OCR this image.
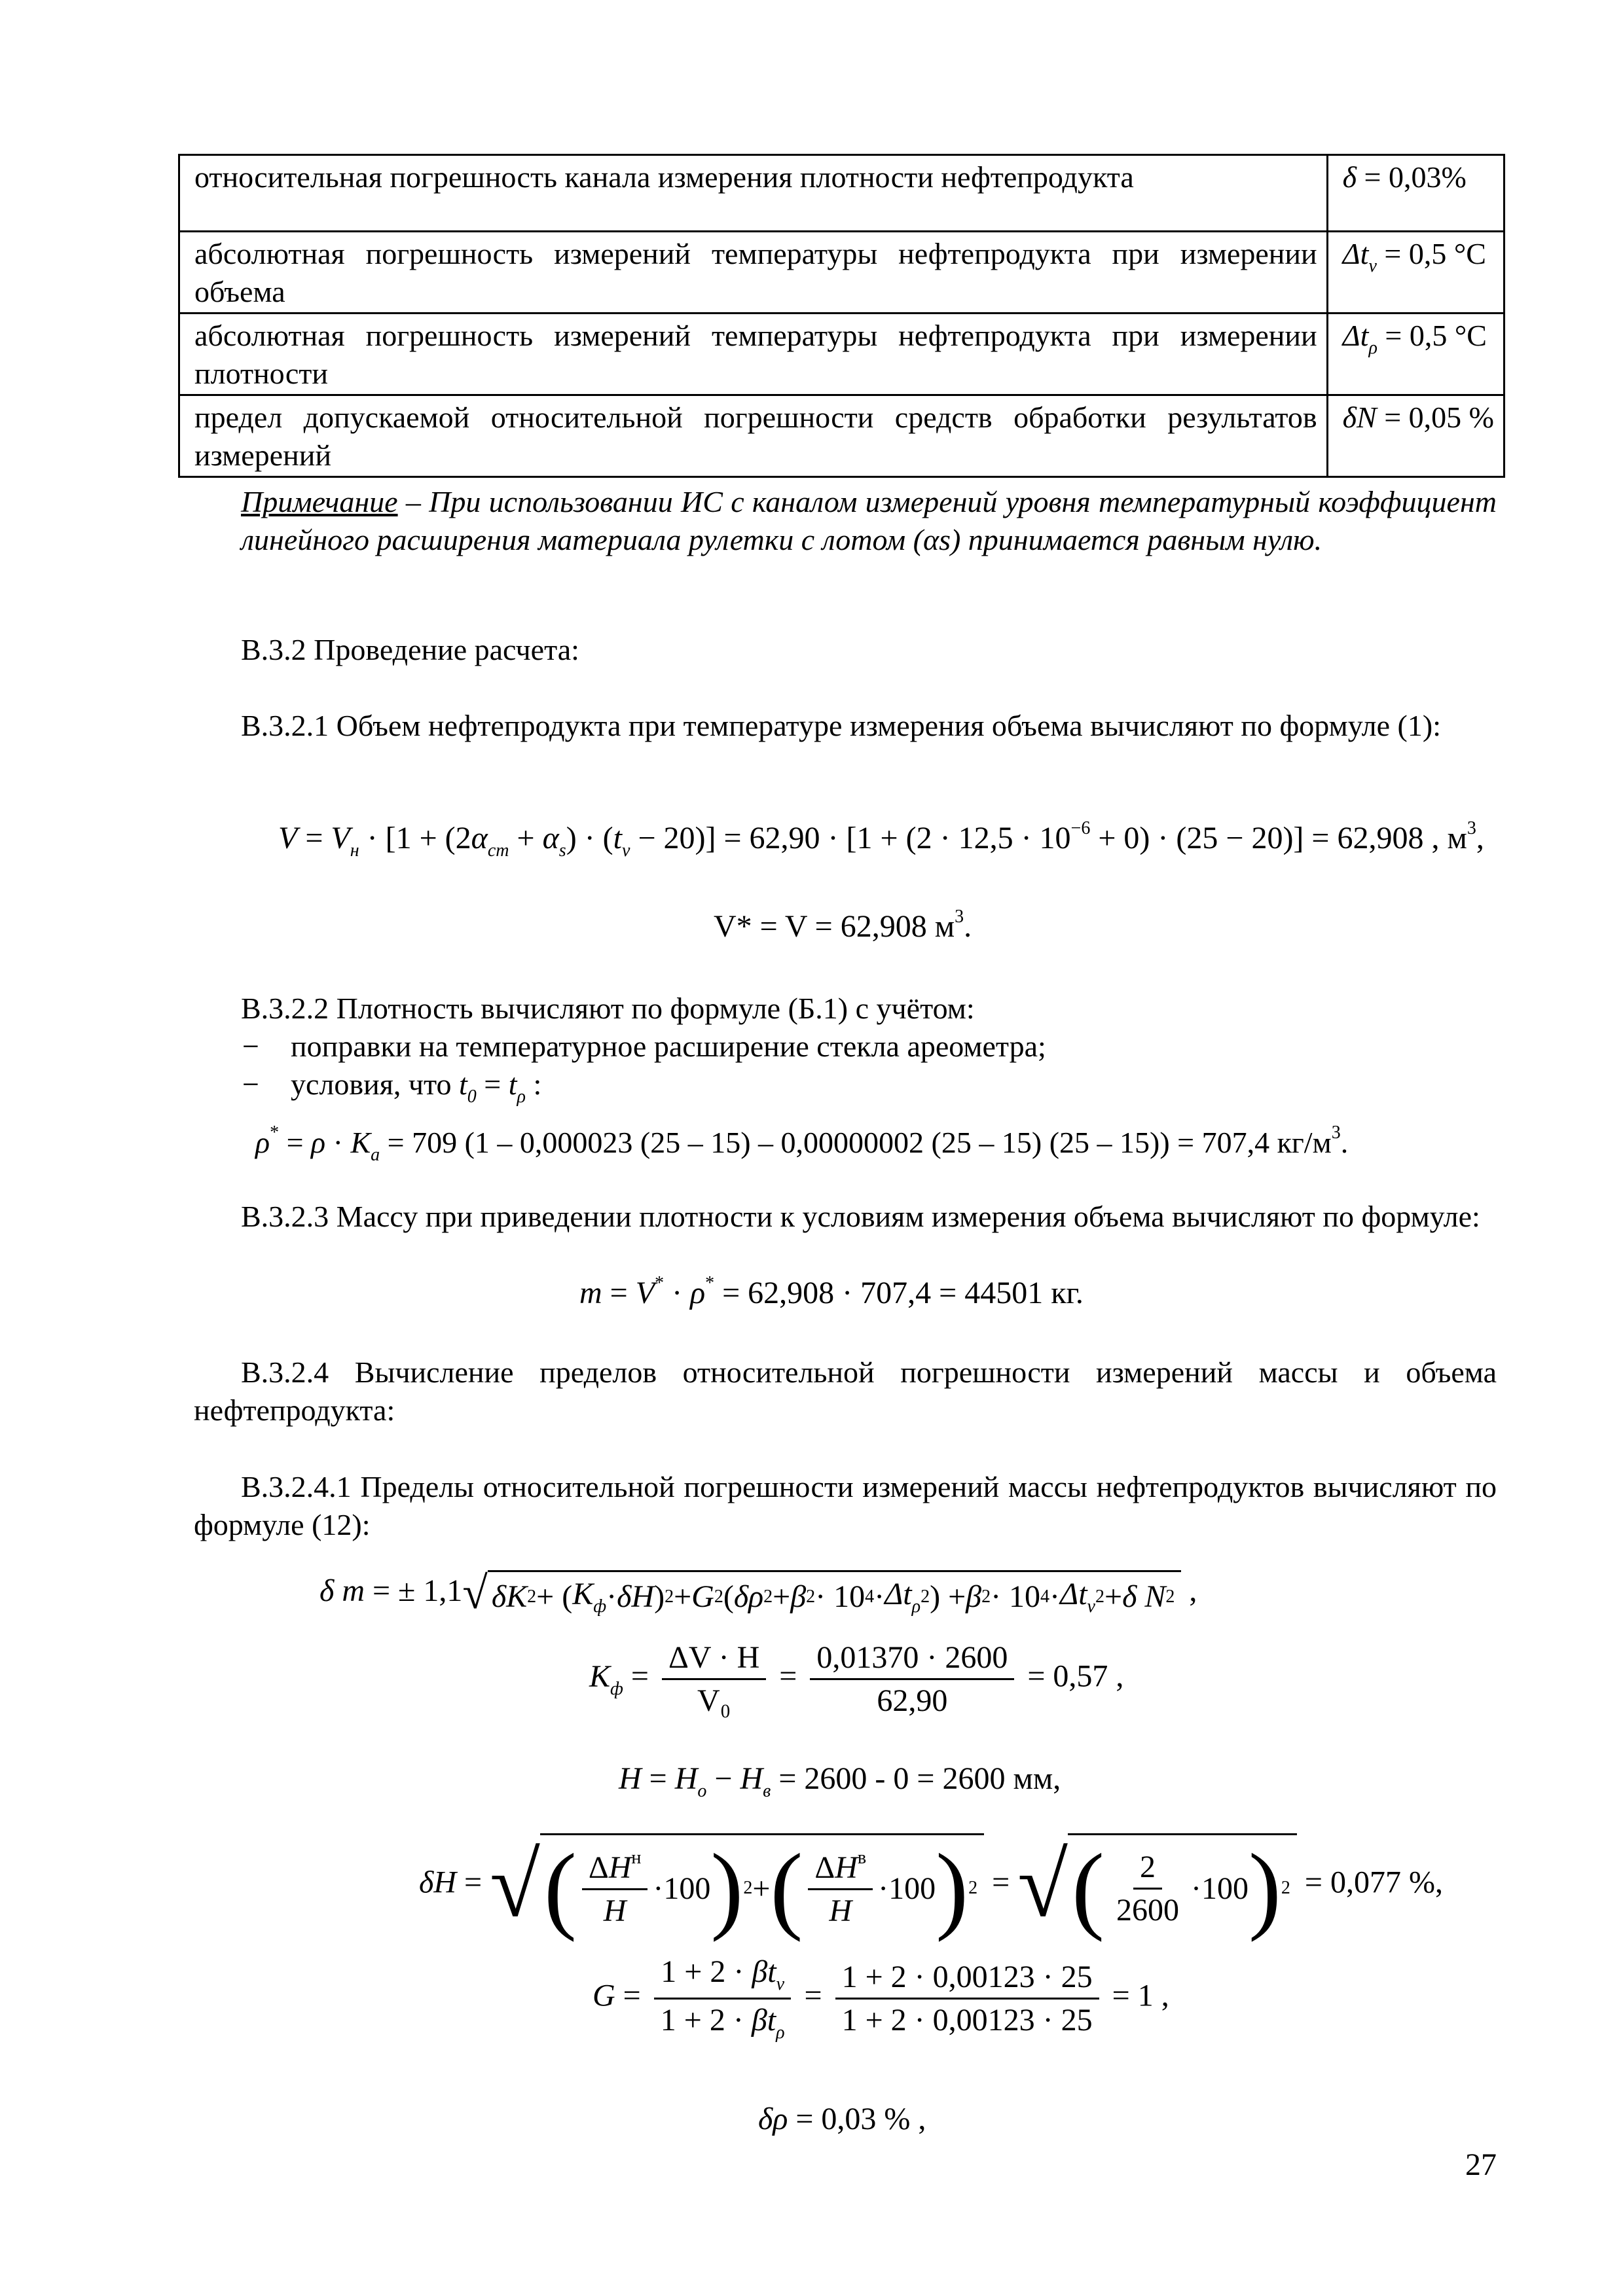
относительная погрешность канала измерения плотности нефтепродукта	δ = 0,03%
абсолютная погрешность измерений температуры нефтепродукта при измерении объема	$\Delta t_v = 0,5$ °С
абсолютная погрешность измерений температуры нефтепродукта при измерении плотности	$\Delta t_\rho = 0,5$ °С
предел допускаемой относительной погрешности средств обработки результатов измерений	δN = 0,05 %
Примечание – При использовании ИС с каналом измерений уровня температурный коэффициент линейного расширения материала рулетки с лотом (αs) принимается равным нулю.
В.3.2 Проведение расчета:
В.3.2.1 Объем нефтепродукта при температуре измерения объема вычисляют по формуле (1):
$V = V_н \cdot [1 + (2\alpha_{ст} + \alpha_s) \cdot (t_v - 20)] = 62,90 \cdot [1 + (2 \cdot 12,5 \cdot 10^{-6} + 0) \cdot (25 - 20)] = 62,908$ , $м^3$,
V* = V = 62,908 $м^3$.
В.3.2.2 Плотность вычисляют по формуле (Б.1) с учётом:
− поправки на температурное расширение стекла ареометра;
− условия, что $t_0 = t_\rho$ :
$\rho^* = \rho \cdot K_a = 709$ (1 – 0,000023 (25 – 15) – 0,00000002 (25 – 15) (25 – 15)) = 707,4 $кг/м^3$.
В.3.2.3 Массу при приведении плотности к условиям измерения объема вычисляют по формуле:
m = V* · ρ* = 62,908 · 707,4 = 44501 кг.
В.3.2.4 Вычисление пределов относительной погрешности измерений массы и объема нефтепродукта:
В.3.2.4.1 Пределы относительной погрешности измерений массы нефтепродуктов вычисляют по формуле (12):
δ m = ± 1,1 √ δK 2 + ( $K_ф \cdot \delta H$ ) 2 + G 2 ( δρ 2 + β 2 · 10 $4 \cdot \Delta t_\rho$ 2 ) + β 2 · 10 $4 \cdot \Delta t_v$ 2 + δ N 2 ,
$K_ф = \frac{\Delta V \cdot H}{\text{V₀}} = \frac{0,01370 \cdot 2600}{62,90} = 0,57$ ,
$H = H_о - H_в = 2600 - 0 = 2600$ мм,
δH = √ ( $\frac{\Delta H^н}{H} \cdot 100$ ) 2 + ( $\frac{\Delta H^в}{H} \cdot 100$ ) 2 = √ ( $\frac{2}{2600} \cdot 100$ ) 2 = 0,077 %,
$G = \frac{1 + 2 \cdot \beta t_v}{1 + 2 \cdot \beta t_\rho} = \frac{1 + 2 \cdot 0,00123 \cdot 25}{1 + 2 \cdot 0,00123 \cdot 25} = 1$ ,
δρ = 0,03 % ,
27
